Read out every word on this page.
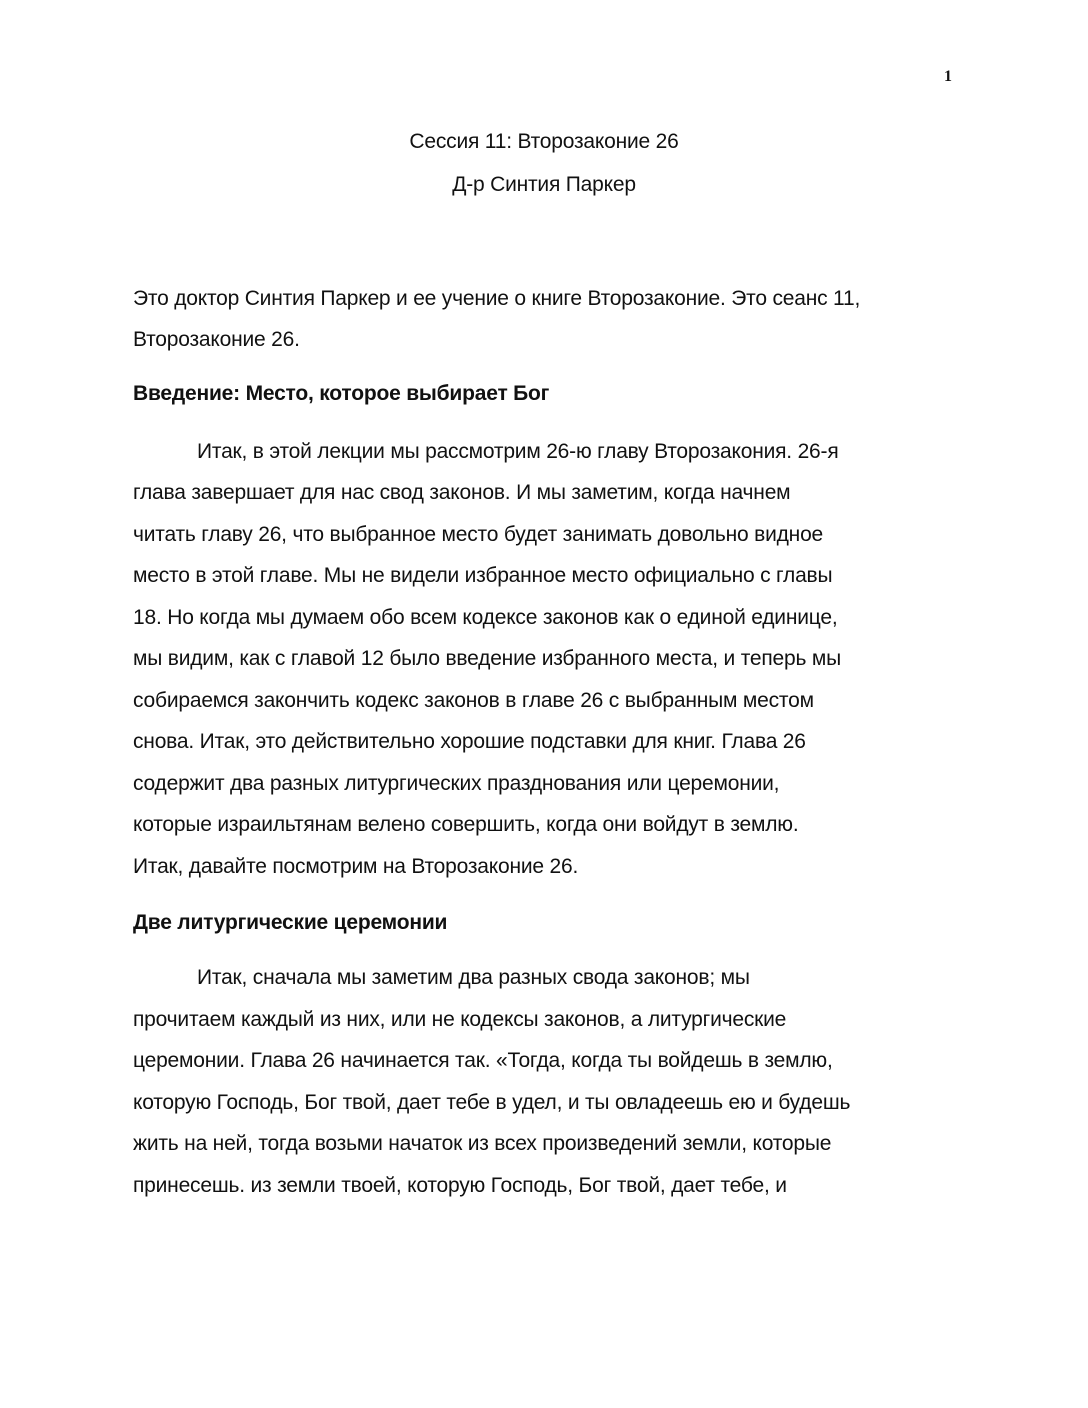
1
Сессия 11: Второзаконие 26
Д-р Синтия Паркер
Это доктор Синтия Паркер и ее учение о книге Второзаконие. Это сеанс 11,
Второзаконие 26.
Введение: Место, которое выбирает Бог
Итак, в этой лекции мы рассмотрим 26-ю главу Второзакония. 26-я
глава завершает для нас свод законов. И мы заметим, когда начнем
читать главу 26, что выбранное место будет занимать довольно видное
место в этой главе. Мы не видели избранное место официально с главы
18. Но когда мы думаем обо всем кодексе законов как о единой единице,
мы видим, как с главой 12 было введение избранного места, и теперь мы
собираемся закончить кодекс законов в главе 26 с выбранным местом
снова. Итак, это действительно хорошие подставки для книг. Глава 26
содержит два разных литургических празднования или церемонии,
которые израильтянам велено совершить, когда они войдут в землю.
Итак, давайте посмотрим на Второзаконие 26.
Две литургические церемонии
Итак, сначала мы заметим два разных свода законов; мы
прочитаем каждый из них, или не кодексы законов, а литургические
церемонии. Глава 26 начинается так. «Тогда, когда ты войдешь в землю,
которую Господь, Бог твой, дает тебе в удел, и ты овладеешь ею и будешь
жить на ней, тогда возьми начаток из всех произведений земли, которые
принесешь. из земли твоей, которую Господь, Бог твой, дает тебе, и
